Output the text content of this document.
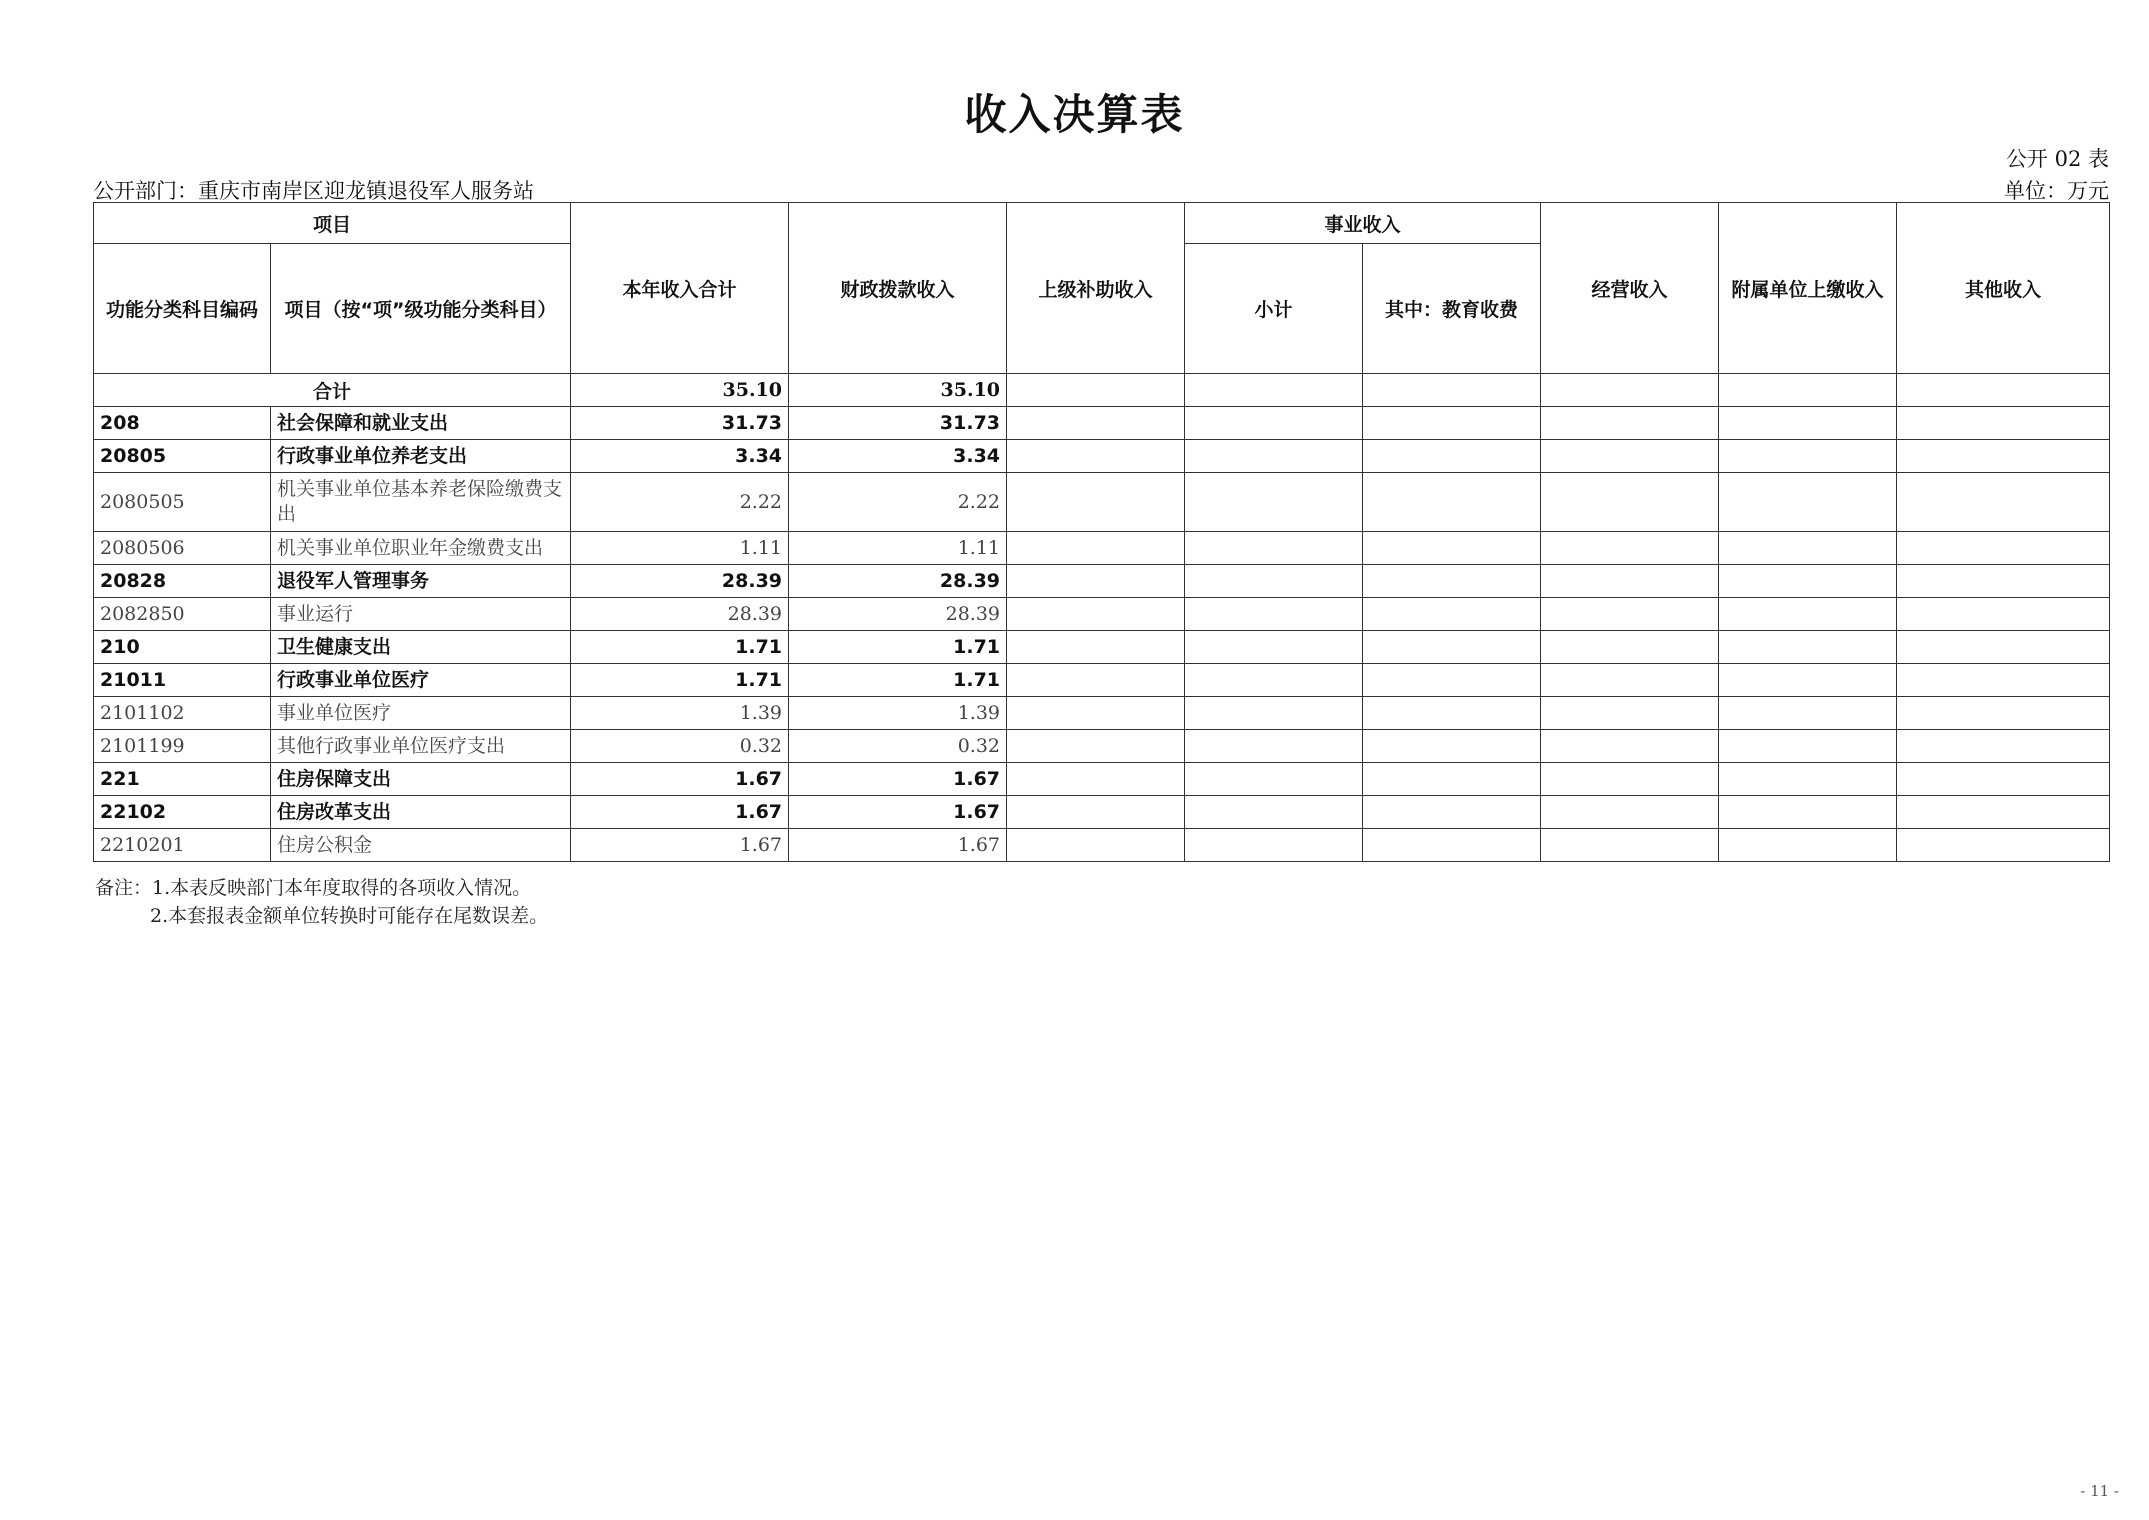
收入决算表
公开 02 表
公开部门：重庆市南岸区迎龙镇退役军人服务站	单位：万元
项目		本年收入合计	财政拨款收入	上级补助收入	事业收入		经营收入	附属单位上缴收入	其他收入
功能分类科目编码	项目（按“项”级功能分类科目）				小计	其中：教育收费			
合计		35.10	35.10						
208	社会保障和就业支出	31.73	31.73						
20805	行政事业单位养老支出	3.34	3.34						
2080505	机关事业单位基本养老保险缴费支出	2.22	2.22						
2080506	机关事业单位职业年金缴费支出	1.11	1.11						
20828	退役军人管理事务	28.39	28.39						
2082850	事业运行	28.39	28.39						
210	卫生健康支出	1.71	1.71						
21011	行政事业单位医疗	1.71	1.71						
2101102	事业单位医疗	1.39	1.39						
2101199	其他行政事业单位医疗支出	0.32	0.32						
221	住房保障支出	1.67	1.67						
22102	住房改革支出	1.67	1.67						
2210201	住房公积金	1.67	1.67						
备注：1.本表反映部门本年度取得的各项收入情况。
2.本套报表金额单位转换时可能存在尾数误差。
- 11 -
